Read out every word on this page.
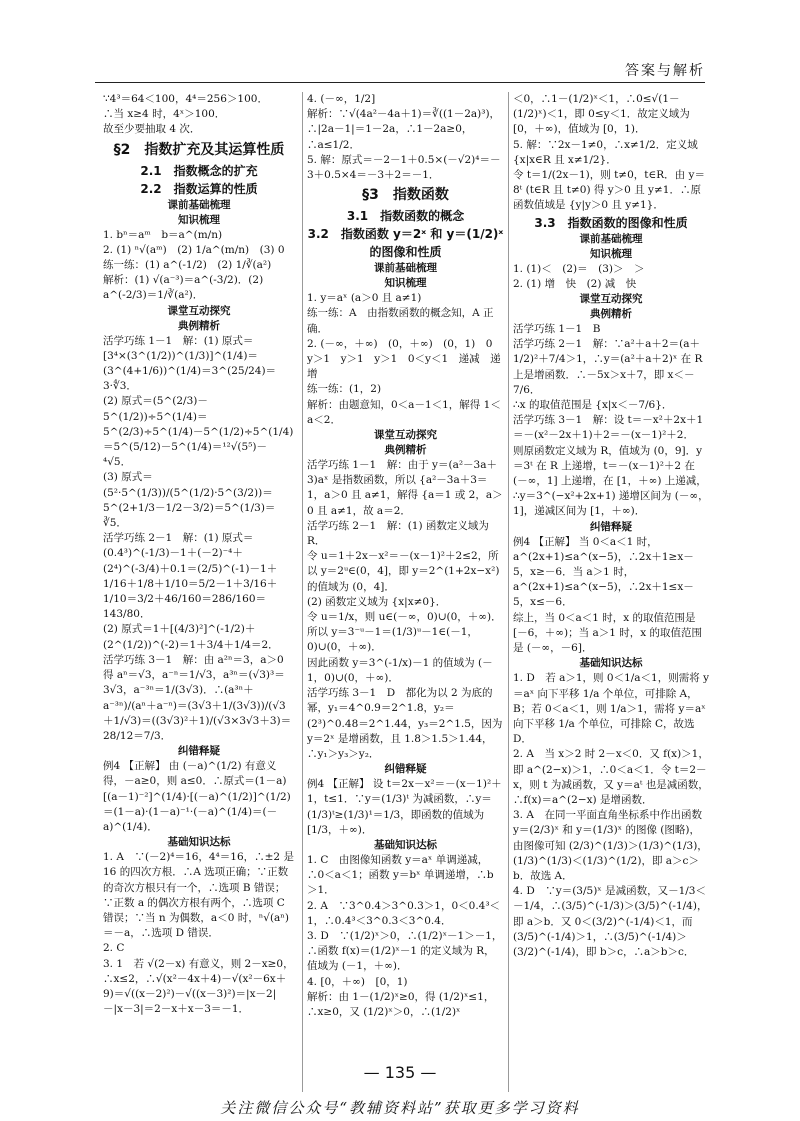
答案与解析
∵4³＝64＜100，4⁴＝256＞100．
∴当 x≥4 时，4ˣ＞100．
故至少要抽取 4 次．
§2　指数扩充及其运算性质
2.1　指数概念的扩充
2.2　指数运算的性质
课前基础梳理
知识梳理
1. bⁿ＝aᵐ　b＝a^(m/n)
2. (1) ⁿ√(aᵐ)　(2) 1/a^(m/n)　(3) 0
练一练：(1) a^(-1/2)　(2) 1/∛(a²)
解析：(1) √(a⁻³)＝a^(-3/2)．(2) a^(-2/3)＝1/∛(a²)．
课堂互动探究
典例精析
活学巧练 1－1　解：(1) 原式＝[3⁴×(3^(1/2))^(1/3)]^(1/4)＝(3^(4+1/6))^(1/4)＝3^(25/24)＝3·∜3．
(2) 原式＝(5^(2/3)－5^(1/2))÷5^(1/4)＝5^(2/3)÷5^(1/4)－5^(1/2)÷5^(1/4)＝5^(5/12)－5^(1/4)＝¹²√(5⁵)－⁴√5．
(3) 原式＝(5²·5^(1/3))/(5^(1/2)·5^(3/2))＝5^(2+1/3－1/2－3/2)＝5^(1/3)＝∛5．
活学巧练 2－1　解：(1) 原式＝(0.4³)^(-1/3)－1＋(－2)⁻⁴＋(2⁴)^(-3/4)＋0.1＝(2/5)^(-1)－1＋1/16＋1/8＋1/10＝5/2－1＋3/16＋1/10＝3/2＋46/160＝286/160＝143/80．
(2) 原式＝1＋[(4/3)²]^(-1/2)＋(2^(1/2))^(-2)＝1＋3/4＋1/4＝2．
活学巧练 3－1　解：由 a²ⁿ＝3，a＞0 得 aⁿ＝√3，a⁻ⁿ＝1/√3，a³ⁿ＝(√3)³＝3√3，a⁻³ⁿ＝1/(3√3)．∴(a³ⁿ＋a⁻³ⁿ)/(aⁿ＋a⁻ⁿ)＝(3√3＋1/(3√3))/(√3＋1/√3)＝((3√3)²＋1)/(√3×3√3＋3)＝28/12＝7/3．
纠错释疑
例4 【正解】 由 (－a)^(1/2) 有意义得，－a≥0，则 a≤0．∴原式＝(1－a)[(a－1)⁻²]^(1/4)·[(－a)^(1/2)]^(1/2)＝(1－a)·(1－a)⁻¹·(－a)^(1/4)＝(－a)^(1/4)．
基础知识达标
1. A　∵(－2)⁴＝16，4⁴＝16，∴±2 是 16 的四次方根．∴A 选项正确；∵正数的奇次方根只有一个，∴选项 B 错误；∵正数 a 的偶次方根有两个，∴选项 C 错误；∵当 n 为偶数，a＜0 时，ⁿ√(aⁿ)＝－a，∴选项 D 错误．
2. C
3. 1　若 √(2－x) 有意义，则 2－x≥0，∴x≤2，∴√(x²－4x＋4)－√(x²－6x＋9)＝√((x－2)²)－√((x－3)²)＝|x－2|－|x－3|＝2－x＋x－3＝－1．
4. (－∞，1/2]
解析：∵√(4a²－4a＋1)＝∛((1－2a)³)，∴|2a－1|＝1－2a，∴1－2a≥0，∴a≤1/2．
5. 解：原式＝－2－1＋0.5×(－√2)⁴＝－3＋0.5×4＝－3＋2＝－1．
§3　指数函数
3.1　指数函数的概念
3.2　指数函数 y＝2ˣ 和 y＝(1/2)ˣ 的图像和性质
课前基础梳理
知识梳理
1. y＝aˣ (a＞0 且 a≠1)
练一练：A　由指数函数的概念知，A 正确．
2. (－∞，＋∞)　(0，＋∞)　(0，1)　0　y＞1　y＞1　y＞1　0＜y＜1　递减　递增
练一练：(1，2)
解析：由题意知，0＜a－1＜1，解得 1＜a＜2．
课堂互动探究
典例精析
活学巧练 1－1　解：由于 y＝(a²－3a＋3)aˣ 是指数函数，所以 {a²－3a＋3＝1，a＞0 且 a≠1，解得 {a＝1 或 2，a＞0 且 a≠1，故 a＝2．
活学巧练 2－1　解：(1) 函数定义域为 R．
令 u＝1＋2x－x²＝－(x－1)²＋2≤2，所以 y＝2ᵘ∈(0，4]，即 y＝2^(1+2x−x²) 的值域为 (0，4]．
(2) 函数定义域为 {x|x≠0}．
令 u＝1/x，则 u∈(－∞，0)∪(0，＋∞)．所以 y＝3⁻ᵘ－1＝(1/3)ᵘ－1∈(－1，0)∪(0，＋∞)．
因此函数 y＝3^(-1/x)－1 的值域为 (－1，0)∪(0，＋∞)．
活学巧练 3－1　D　都化为以 2 为底的幂，y₁＝4^0.9＝2^1.8，y₂＝(2³)^0.48＝2^1.44，y₃＝2^1.5，因为 y＝2ˣ 是增函数，且 1.8＞1.5＞1.44，∴y₁＞y₃＞y₂．
纠错释疑
例4 【正解】 设 t＝2x－x²＝－(x－1)²＋1，t≤1．∵y＝(1/3)ᵗ 为减函数，∴y＝(1/3)ᵗ≥(1/3)¹＝1/3，即函数的值域为 [1/3，＋∞)．
基础知识达标
1. C　由图像知函数 y＝aˣ 单调递减，∴0＜a＜1；函数 y＝bˣ 单调递增，∴b＞1．
2. A　∵3^0.4＞3^0.3＞1，0＜0.4³＜1，∴0.4³＜3^0.3＜3^0.4．
3. D　∵(1/2)ˣ＞0，∴(1/2)ˣ－1＞－1，∴函数 f(x)＝(1/2)ˣ－1 的定义域为 R，值域为 (－1，＋∞)．
4. [0，＋∞)　[0，1)
解析：由 1－(1/2)ˣ≥0，得 (1/2)ˣ≤1，∴x≥0，又 (1/2)ˣ＞0，∴(1/2)ˣ
＜0，∴1－(1/2)ˣ＜1，∴0≤√(1－(1/2)ˣ)＜1，即 0≤y＜1．故定义域为 [0，＋∞)，值域为 [0，1)．
5. 解：∵2x－1≠0，∴x≠1/2．定义域 {x|x∈R 且 x≠1/2}．
令 t＝1/(2x－1)，则 t≠0，t∈R．由 y＝8ᵗ (t∈R 且 t≠0) 得 y＞0 且 y≠1．∴原函数值域是 {y|y＞0 且 y≠1}．
3.3　指数函数的图像和性质
课前基础梳理
知识梳理
1. (1)＜　(2)＝　(3)＞　＞
2. (1) 增　快　(2) 减　快
课堂互动探究
典例精析
活学巧练 1－1　B
活学巧练 2－1　解：∵a²＋a＋2＝(a＋1/2)²＋7/4＞1，∴y＝(a²＋a＋2)ˣ 在 R 上是增函数．∴－5x＞x＋7，即 x＜－7/6．
∴x 的取值范围是 {x|x＜－7/6}．
活学巧练 3－1　解：设 t＝－x²＋2x＋1＝－(x²－2x＋1)＋2＝－(x－1)²＋2．
则原函数定义域为 R，值域为 (0，9]．y＝3ᵗ 在 R 上递增，t＝－(x－1)²＋2 在 (－∞，1] 上递增，在 [1，＋∞) 上递减，
∴y＝3^(−x²+2x+1) 递增区间为 (－∞，1]，递减区间为 [1，＋∞)．
纠错释疑
例4 【正解】 当 0＜a＜1 时，a^(2x+1)≤a^(x−5)，∴2x＋1≥x－5，x≥－6．当 a＞1 时，a^(2x+1)≤a^(x−5)，∴2x＋1≤x－5，x≤－6．
综上，当 0＜a＜1 时，x 的取值范围是 [－6，＋∞)；当 a＞1 时，x 的取值范围是 (－∞，－6]．
基础知识达标
1. D　若 a＞1，则 0＜1/a＜1，则需将 y＝aˣ 向下平移 1/a 个单位，可排除 A，B；若 0＜a＜1，则 1/a＞1，需将 y＝aˣ 向下平移 1/a 个单位，可排除 C，故选 D．
2. A　当 x＞2 时 2－x＜0．又 f(x)＞1，即 a^(2−x)＞1，∴0＜a＜1．令 t＝2－x，则 t 为减函数，又 y＝aᵗ 也是减函数，∴f(x)＝a^(2−x) 是增函数．
3. A　在同一平面直角坐标系中作出函数 y＝(2/3)ˣ 和 y＝(1/3)ˣ 的图像 (图略)，由图像可知 (2/3)^(1/3)＞(1/3)^(1/3)，(1/3)^(1/3)＜(1/3)^(1/2)，即 a＞c＞b．故选 A．
4. D　∵y＝(3/5)ˣ 是减函数，又－1/3＜－1/4，∴(3/5)^(-1/3)＞(3/5)^(-1/4)，即 a＞b．又 0＜(3/2)^(-1/4)＜1，而 (3/5)^(-1/4)＞1，∴(3/5)^(-1/4)＞(3/2)^(-1/4)，即 b＞c，∴a＞b＞c．
— 135 —
关注微信公众号“教辅资料站”获取更多学习资料
